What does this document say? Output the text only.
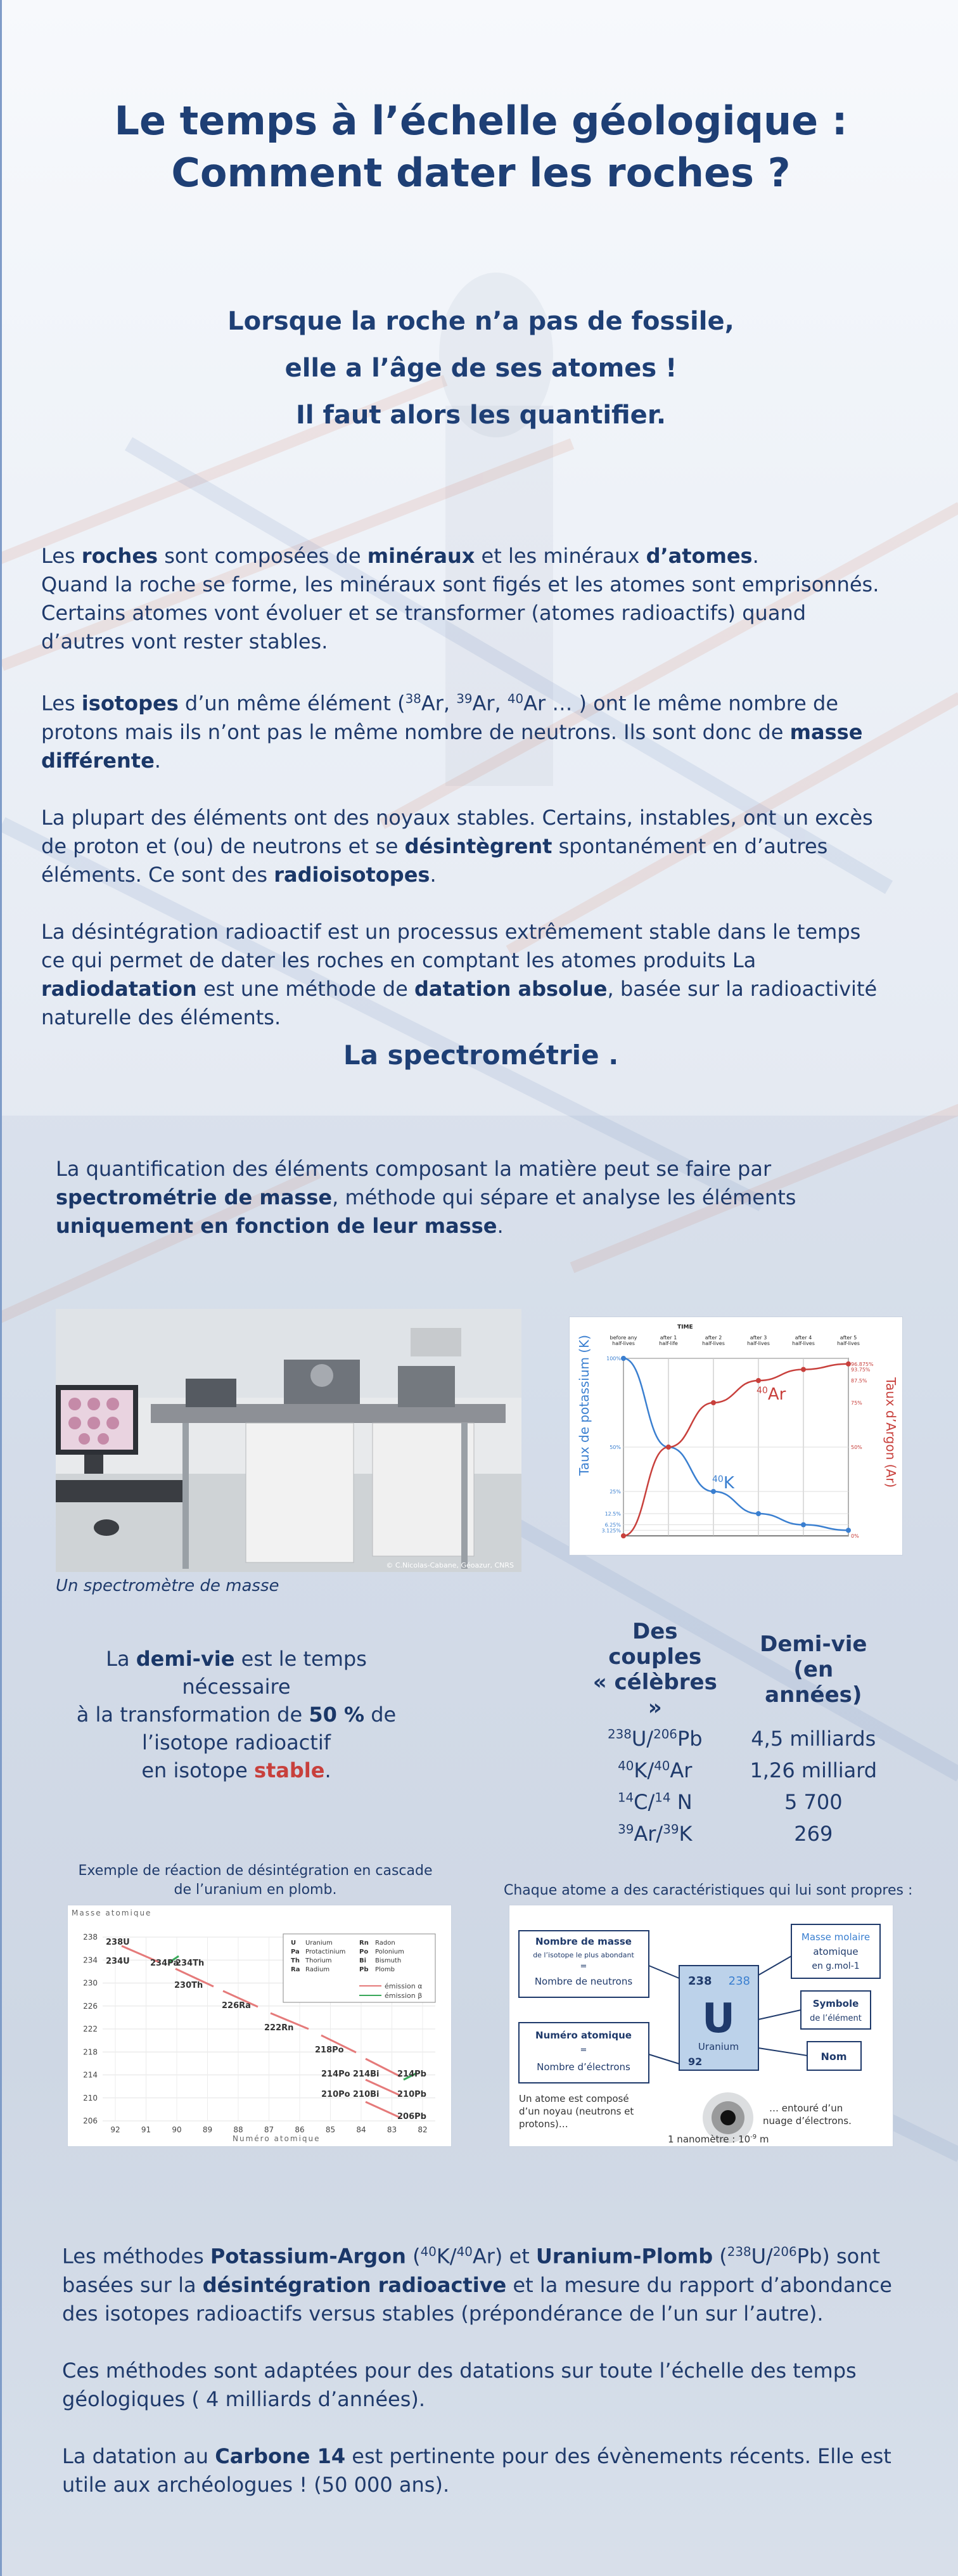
Le temps à l’échelle géologique :
Comment dater les roches ?
Lorsque la roche n’a pas de fossile,
elle a l’âge de ses atomes !
Il faut alors les quantifier.

Les roches sont composées de minéraux et les minéraux d’atomes.
Quand la roche se forme, les minéraux sont figés et les atomes sont emprisonnés.
Certains atomes vont évoluer et se transformer (atomes radioactifs) quand d’autres vont rester stables.

Les isotopes d’un même élément ($^{38}$Ar, $^{39}$Ar, $^{40}$Ar … ) ont le même nombre de protons mais ils n’ont pas le même nombre de neutrons. Ils sont donc de masse différente.

La plupart des éléments ont des noyaux stables. Certains, instables, ont un excès de proton et (ou) de neutrons et se désintègrent spontanément en d’autres éléments. Ce sont des radioisotopes.

La désintégration radioactif est un processus extrêmement stable dans le temps ce qui permet de dater les roches en comptant les atomes produits La radiodatation est une méthode de datation absolue, basée sur la radioactivité naturelle des éléments.

La spectrométrie .
La quantification des éléments composant la matière peut se faire par spectrométrie de masse, méthode qui sépare et analyse les éléments uniquement en fonction de leur masse.
© C.Nicolas-Cabane, Géoazur, CNRS
Un spectromètre de masse
TIME
before any half-lives
after 1 half-life
after 2 half-lives
after 3 half-lives
after 4 half-lives
after 5 half-lives
100%
50%
25%
12.5%
6.25%
3.125%
96.875%
93.75%
87.5%
75%
50%
0%
Taux de potassium (K)	Taux d’Argon (Ar)
$^{40}$Ar
$^{40}$K
La demi-vie est le temps nécessaire
à la transformation de 50 % de l’isotope radioactif
en isotope stable.
Des couples
« célèbres »	Demi-vie
(en années)
$^{238}$U/$^{206}$Pb	4,5 milliards
$^{40}$K/$^{40}$Ar	1,26 milliard
$^{14}$C/$^{14}$ N	5 700
$^{39}$Ar/$^{39}$K	269
Exemple de réaction de désintégration en cascade
de l’uranium en plomb.
Masse atomique
Numéro atomique
238
234
230
226
222
218
214
210
206
92	91	90	89	88	87	86	85	84	83	82
238U
234U 234Pa
234Th
230Th
226Ra
222Rn
218Po
214Po 214Bi 214Pb
210Po 210Bi 210Pb
206Pb
U Uranium	Rn Radon
Pa Protactinium Po Polonium
Th Thorium	Bi Bismuth
Ra Radium	Pb Plomb
émission α
émission β
Chaque atome a des caractéristiques qui lui sont propres :
Nombre de masse
de l’isotope le plus abondant
=
Nombre de neutrons
Numéro atomique
=
Nombre d’électrons
238 238
U
Uranium
92
Masse molaire
atomique
en g.mol-1
Symbole
de l’élément
Nom
Un atome est composé d’un noyau (neutrons et protons)…
… entouré d’un nuage d’électrons.
1 nanomètre : $10^{-9}$ m

Les méthodes Potassium-Argon ($^{40}$K/$^{40}$Ar) et Uranium-Plomb ($^{238}$U/$^{206}$Pb) sont basées sur la désintégration radioactive et la mesure du rapport d’abondance des isotopes radioactifs versus stables (prépondérance de l’un sur l’autre).

Ces méthodes sont adaptées pour des datations sur toute l’échelle des temps géologiques ( 4 milliards d’années).

La datation au Carbone 14 est pertinente pour des évènements récents. Elle est utile aux archéologues ! (50 000 ans).
